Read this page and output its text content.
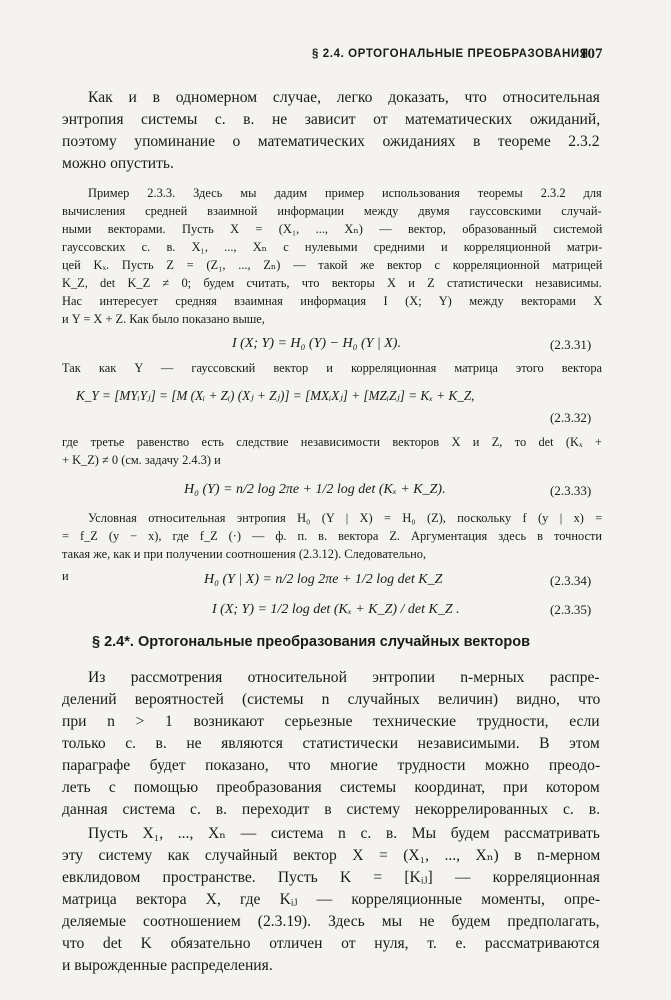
§ 2.4. ОРТОГОНАЛЬНЫЕ ПРЕОБРАЗОВАНИЯ
107
Как и в одномерном случае, легко доказать, что относительная
энтропия системы с. в. не зависит от математических ожиданий,
поэтому упоминание о математических ожиданиях в теореме 2.3.2
можно опустить.
Пример 2.3.3. Здесь мы дадим пример использования теоремы 2.3.2 для
вычисления средней взаимной информации между двумя гауссовскими случай-
ными векторами. Пусть X = (X₁, ..., Xₙ) — вектор, образованный системой
гауссовских с. в. X₁, ..., Xₙ с нулевыми средними и корреляционной матри-
цей Kₓ. Пусть Z = (Z₁, ..., Zₙ) — такой же вектор с корреляционной матрицей
K_Z, det K_Z ≠ 0; будем считать, что векторы X и Z статистически независимы.
Нас интересует средняя взаимная информация I (X; Y) между векторами X
и Y = X + Z. Как было показано выше,
I (X; Y) = H₀ (Y) − H₀ (Y | X).	(2.3.31)
Так как Y — гауссовский вектор и корреляционная матрица этого вектора
K_Y = [MYᵢYⱼ] = [M (Xᵢ + Zᵢ) (Xⱼ + Zⱼ)] = [MXᵢXⱼ] + [MZᵢZⱼ] = Kₓ + K_Z,
(2.3.32)
где третье равенство есть следствие независимости векторов X и Z, то det (Kₓ +
+ K_Z) ≠ 0 (см. задачу 2.4.3) и
H₀ (Y) = n/2 log 2πe + 1/2 log det (Kₓ + K_Z).	(2.3.33)
Условная относительная энтропия H₀ (Y | X) = H₀ (Z), поскольку f (y | x) =
= f_Z (y − x), где f_Z (·) — ф. п. в. вектора Z. Аргументация здесь в точности
такая же, как и при получении соотношения (2.3.12). Следовательно,
H₀ (Y | X) = n/2 log 2πe + 1/2 log det K_Z	(2.3.34)
и
I (X; Y) = 1/2 log det (Kₓ + K_Z) / det K_Z .	(2.3.35)
§ 2.4*. Ортогональные преобразования случайных векторов
Из рассмотрения относительной энтропии n-мерных распре-
делений вероятностей (системы n случайных величин) видно, что
при n > 1 возникают серьезные технические трудности, если
только с. в. не являются статистически независимыми. В этом
параграфе будет показано, что многие трудности можно преодо-
леть с помощью преобразования системы координат, при котором
данная система с. в. переходит в систему некоррелированных с. в.
Пусть X₁, ..., Xₙ — система n с. в. Мы будем рассматривать
эту систему как случайный вектор X = (X₁, ..., Xₙ) в n-мерном
евклидовом пространстве. Пусть K = [Kᵢⱼ] — корреляционная
матрица вектора X, где Kᵢⱼ — корреляционные моменты, опре-
деляемые соотношением (2.3.19). Здесь мы не будем предполагать,
что det K обязательно отличен от нуля, т. е. рассматриваются
и вырожденные распределения.
